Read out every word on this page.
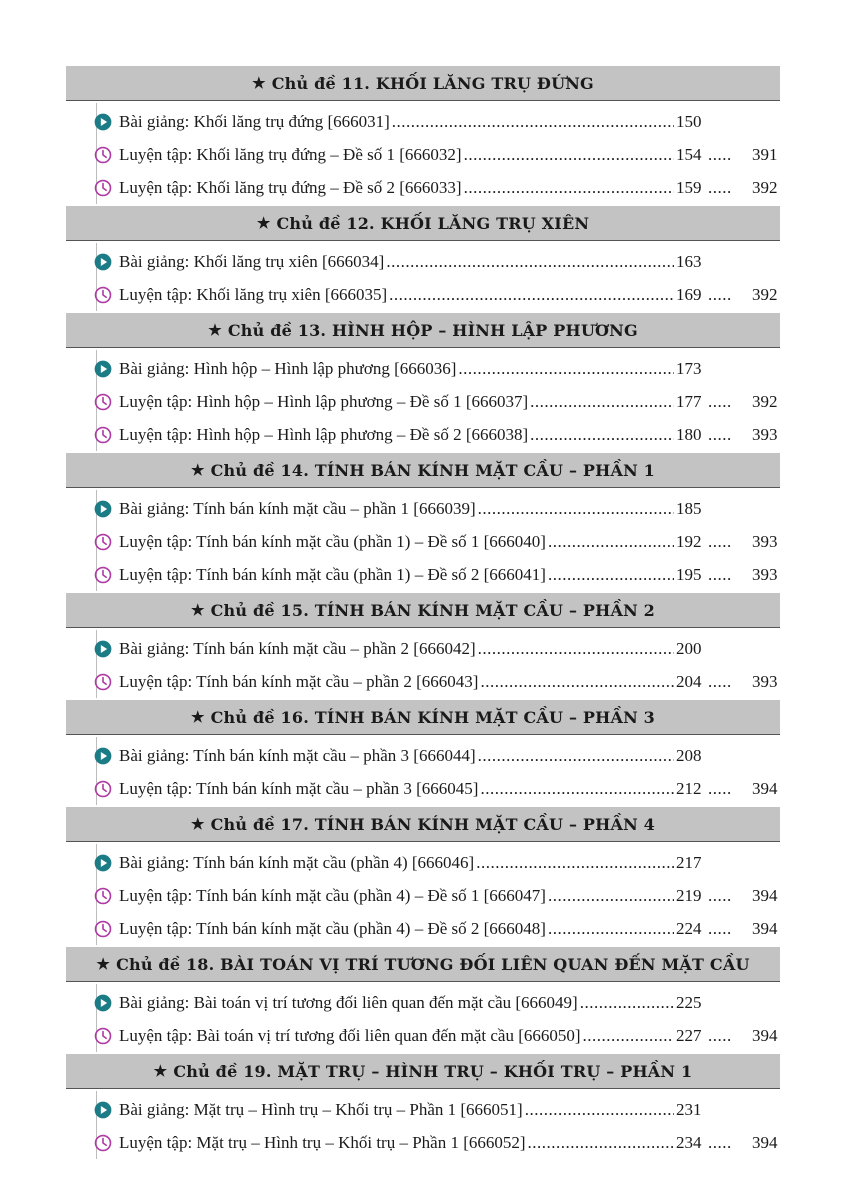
★ Chủ đề 11. KHỐI LĂNG TRỤ ĐỨNG
Bài giảng: Khối lăng trụ đứng [666031] .....	150
Luyện tập: Khối lăng trụ đứng – Đề số 1 [666032] .....	154 ..... 391
Luyện tập: Khối lăng trụ đứng – Đề số 2 [666033] .....	159 ..... 392
★ Chủ đề 12. KHỐI LĂNG TRỤ XIÊN
Bài giảng: Khối lăng trụ xiên [666034] .....	163
Luyện tập: Khối lăng trụ xiên [666035] .....	169 ..... 392
★ Chủ đề 13. HÌNH HỘP – HÌNH LẬP PHƯƠNG
Bài giảng: Hình hộp – Hình lập phương [666036] .....	173
Luyện tập: Hình hộp – Hình lập phương – Đề số 1 [666037] .....	177 ..... 392
Luyện tập: Hình hộp – Hình lập phương – Đề số 2 [666038] .....	180 ..... 393
★ Chủ đề 14. TÍNH BÁN KÍNH MẶT CẦU – PHẦN 1
Bài giảng: Tính bán kính mặt cầu – phần 1 [666039] .....	185
Luyện tập: Tính bán kính mặt cầu (phần 1) – Đề số 1 [666040] .....	192 ..... 393
Luyện tập: Tính bán kính mặt cầu (phần 1) – Đề số 2 [666041] .....	195 ..... 393
★ Chủ đề 15. TÍNH BÁN KÍNH MẶT CẦU – PHẦN 2
Bài giảng: Tính bán kính mặt cầu – phần 2 [666042] .....	200
Luyện tập: Tính bán kính mặt cầu – phần 2 [666043] .....	204 ..... 393
★ Chủ đề 16. TÍNH BÁN KÍNH MẶT CẦU – PHẦN 3
Bài giảng: Tính bán kính mặt cầu – phần 3 [666044] .....	208
Luyện tập: Tính bán kính mặt cầu – phần 3 [666045] .....	212 ..... 394
★ Chủ đề 17. TÍNH BÁN KÍNH MẶT CẦU – PHẦN 4
Bài giảng: Tính bán kính mặt cầu (phần 4) [666046] .....	217
Luyện tập: Tính bán kính mặt cầu (phần 4) – Đề số 1 [666047] .....	219 ..... 394
Luyện tập: Tính bán kính mặt cầu (phần 4) – Đề số 2 [666048] .....	224 ..... 394
★ Chủ đề 18. BÀI TOÁN VỊ TRÍ TƯƠNG ĐỐI LIÊN QUAN ĐẾN MẶT CẦU
Bài giảng: Bài toán vị trí tương đối liên quan đến mặt cầu [666049] .....	225
Luyện tập: Bài toán vị trí tương đối liên quan đến mặt cầu [666050] .....	227 ..... 394
★ Chủ đề 19. MẶT TRỤ – HÌNH TRỤ – KHỐI TRỤ – PHẦN 1
Bài giảng: Mặt trụ – Hình trụ – Khối trụ – Phần 1 [666051] .....	231
Luyện tập: Mặt trụ – Hình trụ – Khối trụ – Phần 1 [666052] .....	234 ..... 394
